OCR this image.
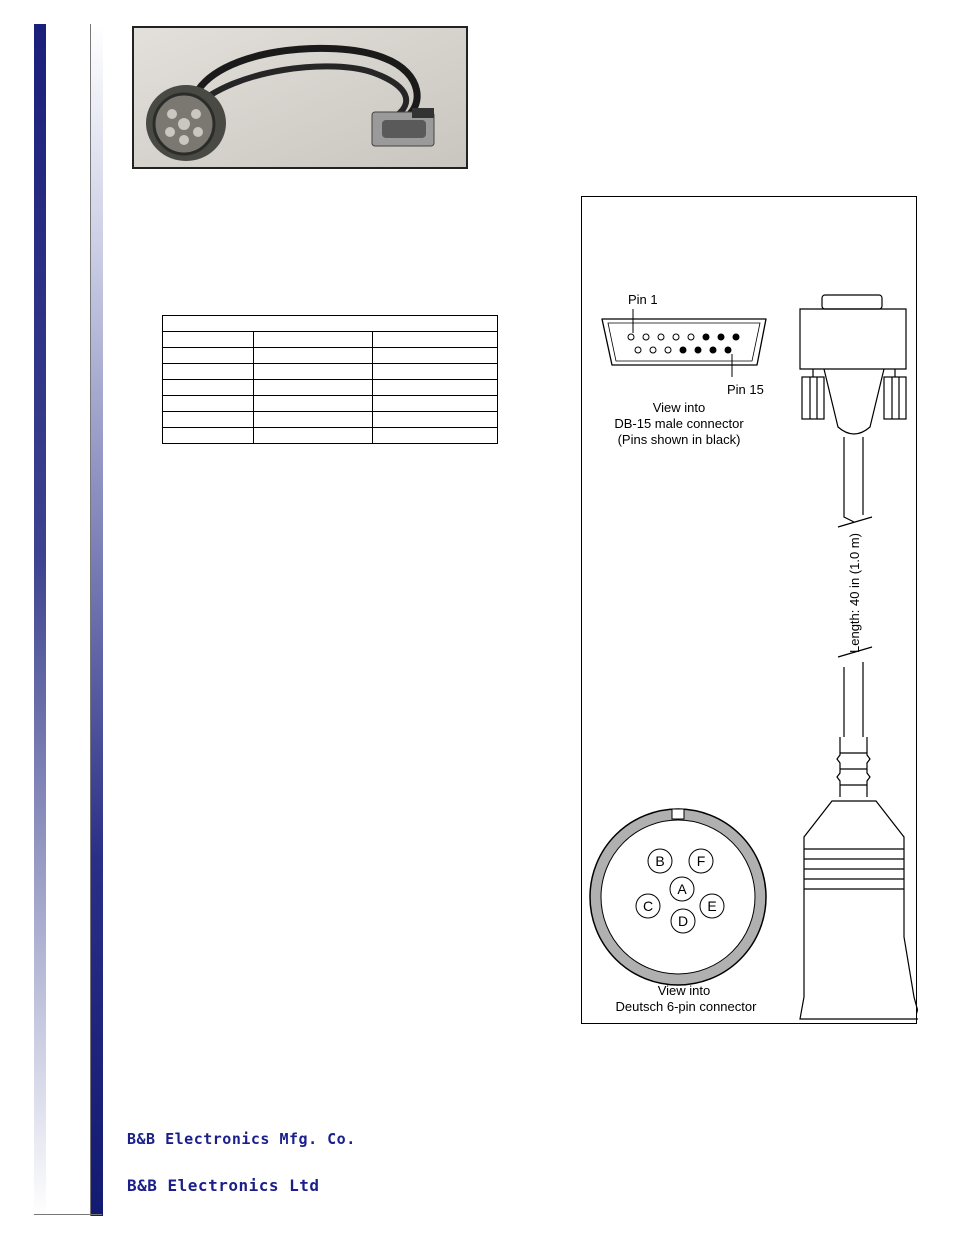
Pin 1
Pin 15
View into
DB-15 male connector
(Pins shown in black)
Length: 40 in (1.0 m)
B F
A
C	E
D
View into
Deutsch 6-pin connector
B&B Electronics Mfg. Co.
B&B Electronics Ltd
